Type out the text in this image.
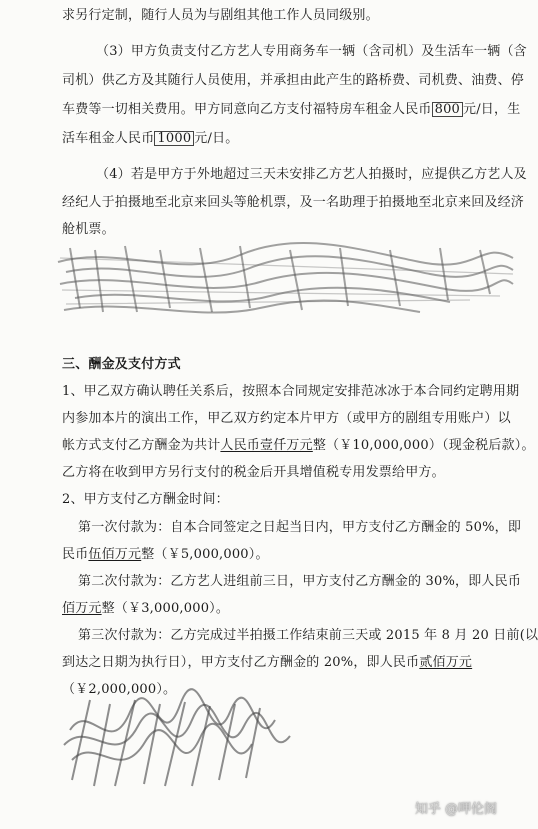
求另行定制，随行人员为与剧组其他工作人员同级别。
（3）甲方负责支付乙方艺人专用商务车一辆（含司机）及生活车一辆（含
司机）供乙方及其随行人员使用，并承担由此产生的路桥费、司机费、油费、停
车费等一切相关费用。甲方同意向乙方支付福特房车租金人民币 800 元/日，生
活车租金人民币 1000 元/日。
（4）若是甲方于外地超过三天未安排乙方艺人拍摄时，应提供乙方艺人及
经纪人于拍摄地至北京来回头等舱机票，及一名助理于拍摄地至北京来回及经济
舱机票。
三、酬金及支付方式
1、甲乙双方确认聘任关系后，按照本合同规定安排范冰冰于本合同约定聘用期
内参加本片的演出工作，甲乙双方约定本片甲方（或甲方的剧组专用账户）以
帐方式支付乙方酬金为共计人民币壹仟万元整（￥10,000,000）（现金税后款）。
乙方将在收到甲方另行支付的税金后开具增值税专用发票给甲方。
2、甲方支付乙方酬金时间：
第一次付款为：自本合同签定之日起当日内，甲方支付乙方酬金的 50%，即
民币伍佰万元整（￥5,000,000）。
第二次付款为：乙方艺人进组前三日，甲方支付乙方酬金的 30%，即人民币
佰万元整（￥3,000,000）。
第三次付款为：乙方完成过半拍摄工作结束前三天或 2015 年 8 月 20 日前(以
到达之日期为执行日），甲方支付乙方酬金的 20%，即人民币贰佰万元
（￥2,000,000）。
知乎 @呷伦阁
